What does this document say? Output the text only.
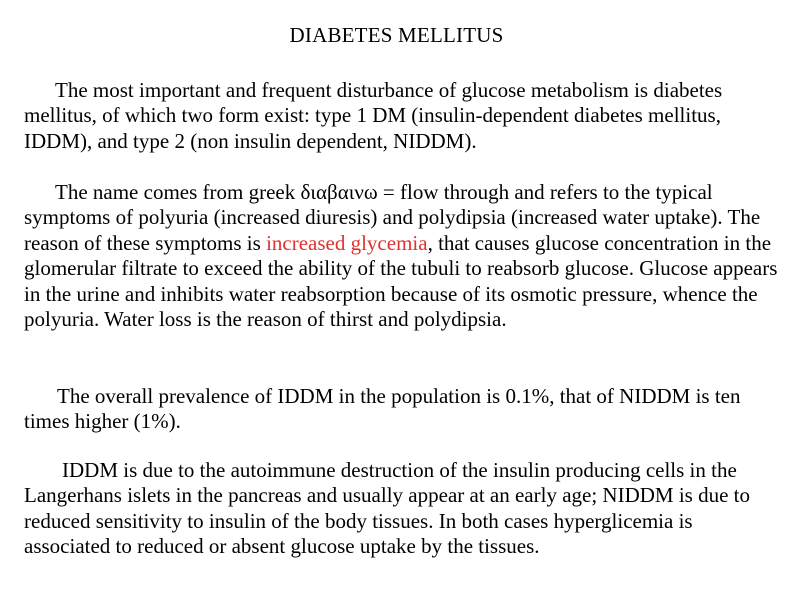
DIABETES MELLITUS

The most important and frequent disturbance of glucose metabolism is diabetes mellitus, of which two form exist: type 1 DM (insulin-dependent diabetes mellitus, IDDM), and type 2 (non insulin dependent, NIDDM).

The name comes from greek διαβαινω = flow through and refers to the typical symptoms of polyuria (increased diuresis) and polydipsia (increased water uptake). The reason of these symptoms is increased glycemia, that causes glucose concentration in the glomerular filtrate to exceed the ability of the tubuli to reabsorb glucose. Glucose appears in the urine and inhibits water reabsorption because of its osmotic pressure, whence the polyuria. Water loss is the reason of thirst and polydipsia.

The overall prevalence of IDDM in the population is 0.1%, that of NIDDM is ten times higher (1%).

IDDM is due to the autoimmune destruction of the insulin producing cells in the Langerhans islets in the pancreas and usually appear at an early age; NIDDM is due to reduced sensitivity to insulin of the body tissues. In both cases hyperglicemia is associated to reduced or absent glucose uptake by the tissues.
